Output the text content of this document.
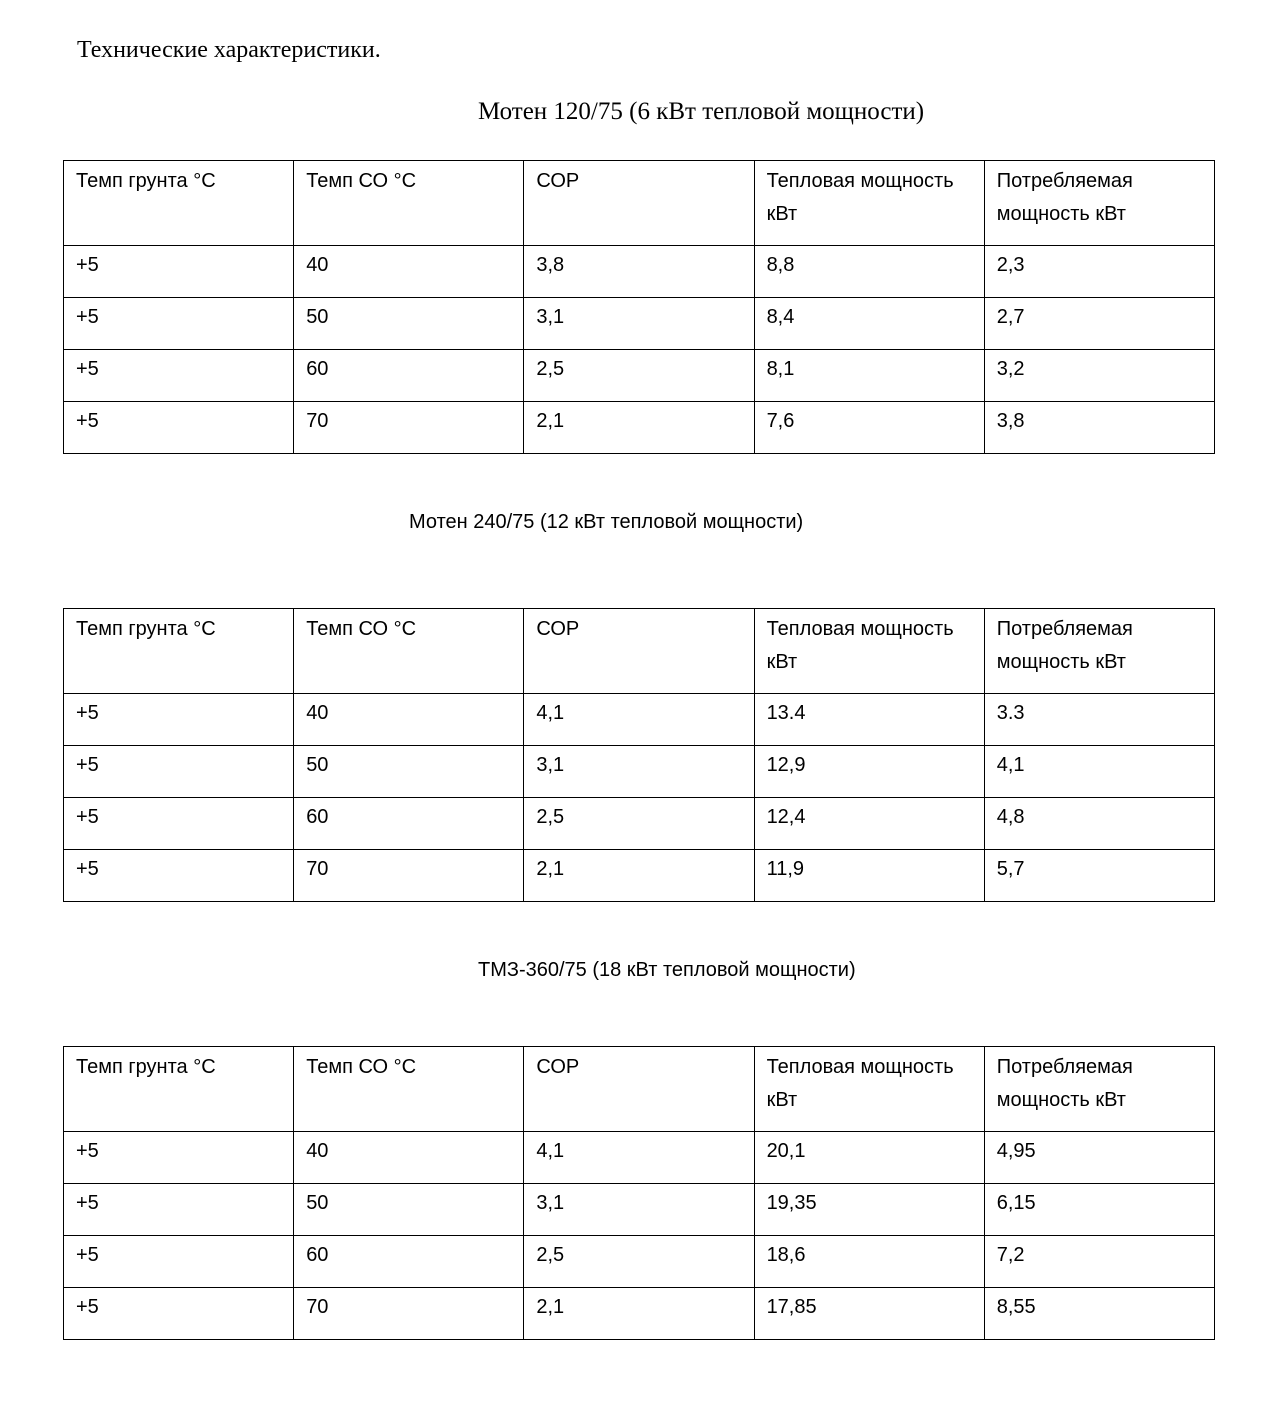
Технические характеристики.
Мотен 120/75 (6 кВт тепловой мощности)
Темп грунта °С	Темп СО °С	СОР	Тепловая мощность кВт	Потребляемая мощность кВт
+5	40	3,8	8,8	2,3
+5	50	3,1	8,4	2,7
+5	60	2,5	8,1	3,2
+5	70	2,1	7,6	3,8
Мотен 240/75 (12 кВт тепловой мощности)
Темп грунта °С	Темп СО °С	СОР	Тепловая мощность кВт	Потребляемая мощность кВт
+5	40	4,1	13.4	3.3
+5	50	3,1	12,9	4,1
+5	60	2,5	12,4	4,8
+5	70	2,1	11,9	5,7
ТМЗ-360/75 (18 кВт тепловой мощности)
Темп грунта °С	Темп СО °С	СОР	Тепловая мощность кВт	Потребляемая мощность кВт
+5	40	4,1	20,1	4,95
+5	50	3,1	19,35	6,15
+5	60	2,5	18,6	7,2
+5	70	2,1	17,85	8,55
